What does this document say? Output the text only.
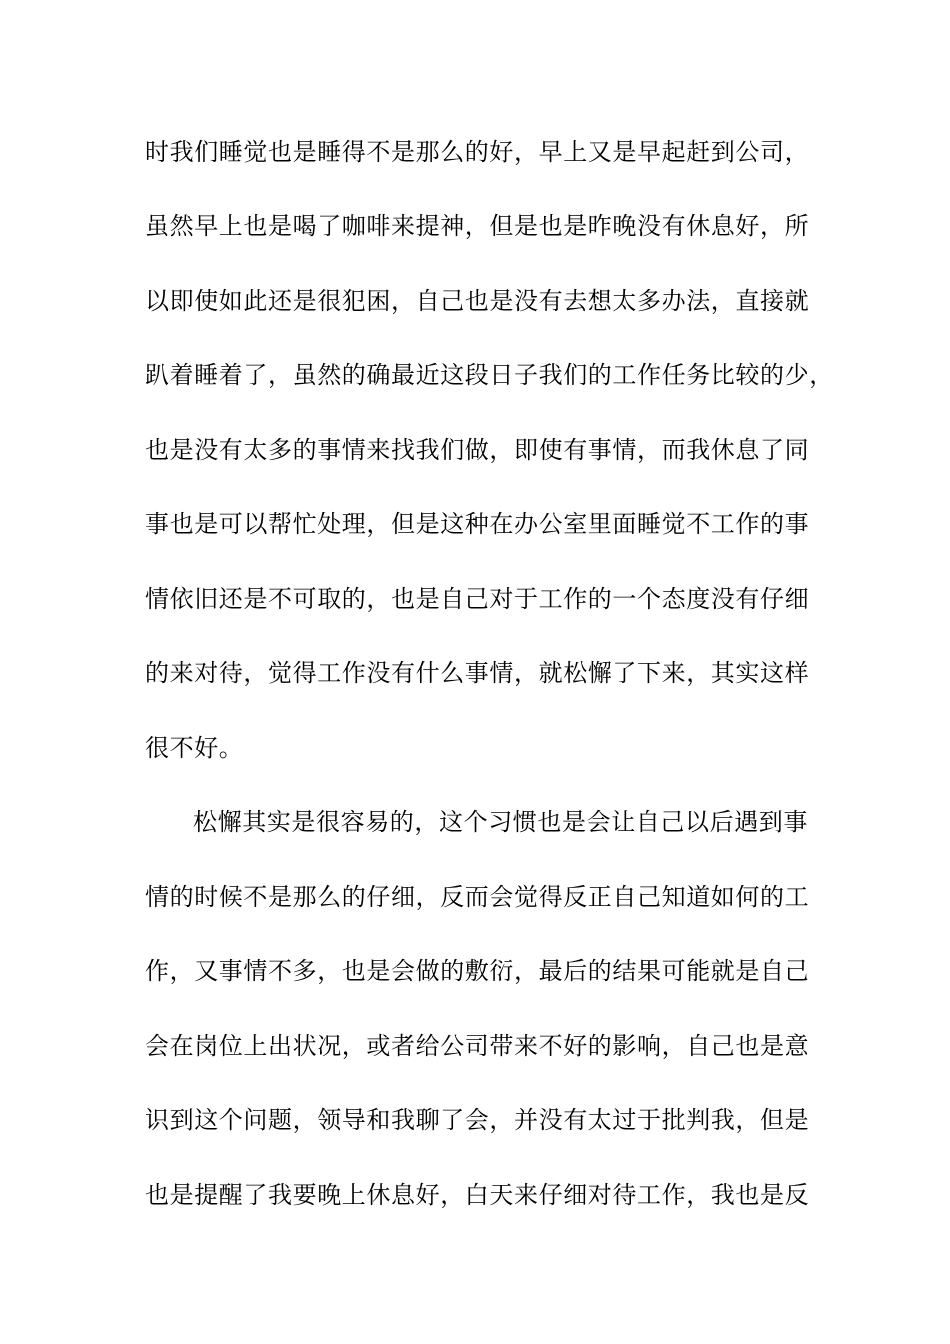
时我们睡觉也是睡得不是那么的好，早上又是早起赶到公司，
虽然早上也是喝了咖啡来提神，但是也是昨晚没有休息好，所
以即使如此还是很犯困，自己也是没有去想太多办法，直接就
趴着睡着了，虽然的确最近这段日子我们的工作任务比较的少，
也是没有太多的事情来找我们做，即使有事情，而我休息了同
事也是可以帮忙处理，但是这种在办公室里面睡觉不工作的事
情依旧还是不可取的，也是自己对于工作的一个态度没有仔细
的来对待，觉得工作没有什么事情，就松懈了下来，其实这样
很不好。
松懈其实是很容易的，这个习惯也是会让自己以后遇到事
情的时候不是那么的仔细，反而会觉得反正自己知道如何的工
作，又事情不多，也是会做的敷衍，最后的结果可能就是自己
会在岗位上出状况，或者给公司带来不好的影响，自己也是意
识到这个问题，领导和我聊了会，并没有太过于批判我，但是
也是提醒了我要晚上休息好，白天来仔细对待工作，我也是反
